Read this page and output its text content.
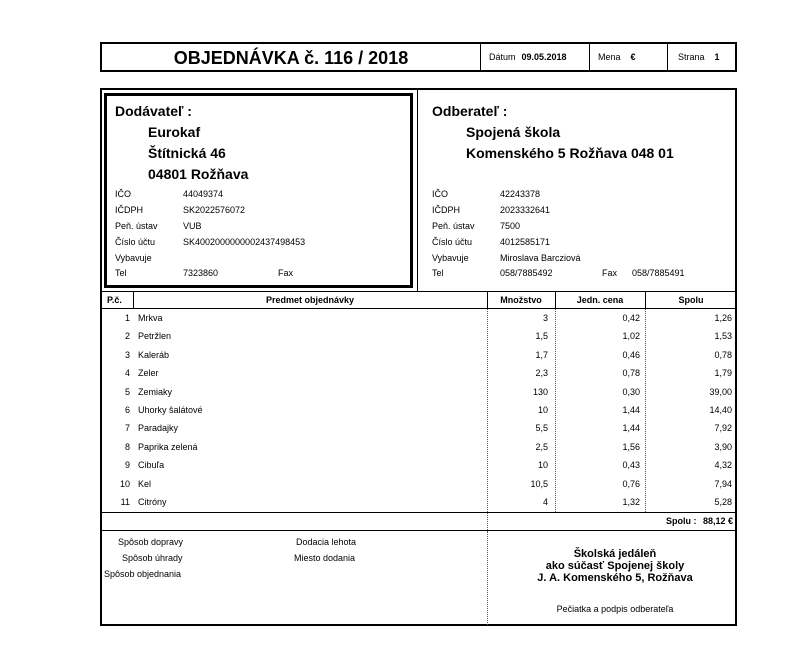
OBJEDNÁVKA č. 116 / 2018	Dátum 09.05.2018	Mena €	Strana 1
Dodávateľ :
Eurokaf
Štítnická 46
04801 Rožňava
IČO	44049374
IČDPH	SK2022576072
Peň. ústav	VUB
Číslo účtu	SK4002000000002437498453
Vybavuje
Tel	7323860	Fax
Odberateľ :
Spojená škola
Komenského 5 Rožňava 048 01
IČO	42243378
IČDPH	2023332641
Peň. ústav	7500
Číslo účtu	4012585171
Vybavuje	Miroslava Barcziová
Tel	058/7885492	Fax 058/7885491
P.č.	Predmet objednávky	Množstvo	Jedn. cena	Spolu
1 Mrkva	3	0,42	1,26
2 Petržlen	1,5	1,02	1,53
3 Kaleráb	1,7	0,46	0,78
4 Zeler	2,3	0,78	1,79
5 Zemiaky	130	0,30	39,00
6 Uhorky šalátové	10	1,44	14,40
7 Paradajky	5,5	1,44	7,92
8 Paprika zelená	2,5	1,56	3,90
9 Cibuľa	10	0,43	4,32
10 Kel	10,5	0,76	7,94
11 Citróny	4	1,32	5,28
Spolu : 88,12 €
Spôsob dopravy
Spôsob úhrady
Spôsob objednania
Dodacia lehota
Miesto dodania	Školská jedáleň
ako súčasť Spojenej školy
J. A. Komenského 5, Rožňava
Pečiatka a podpis odberateľa
